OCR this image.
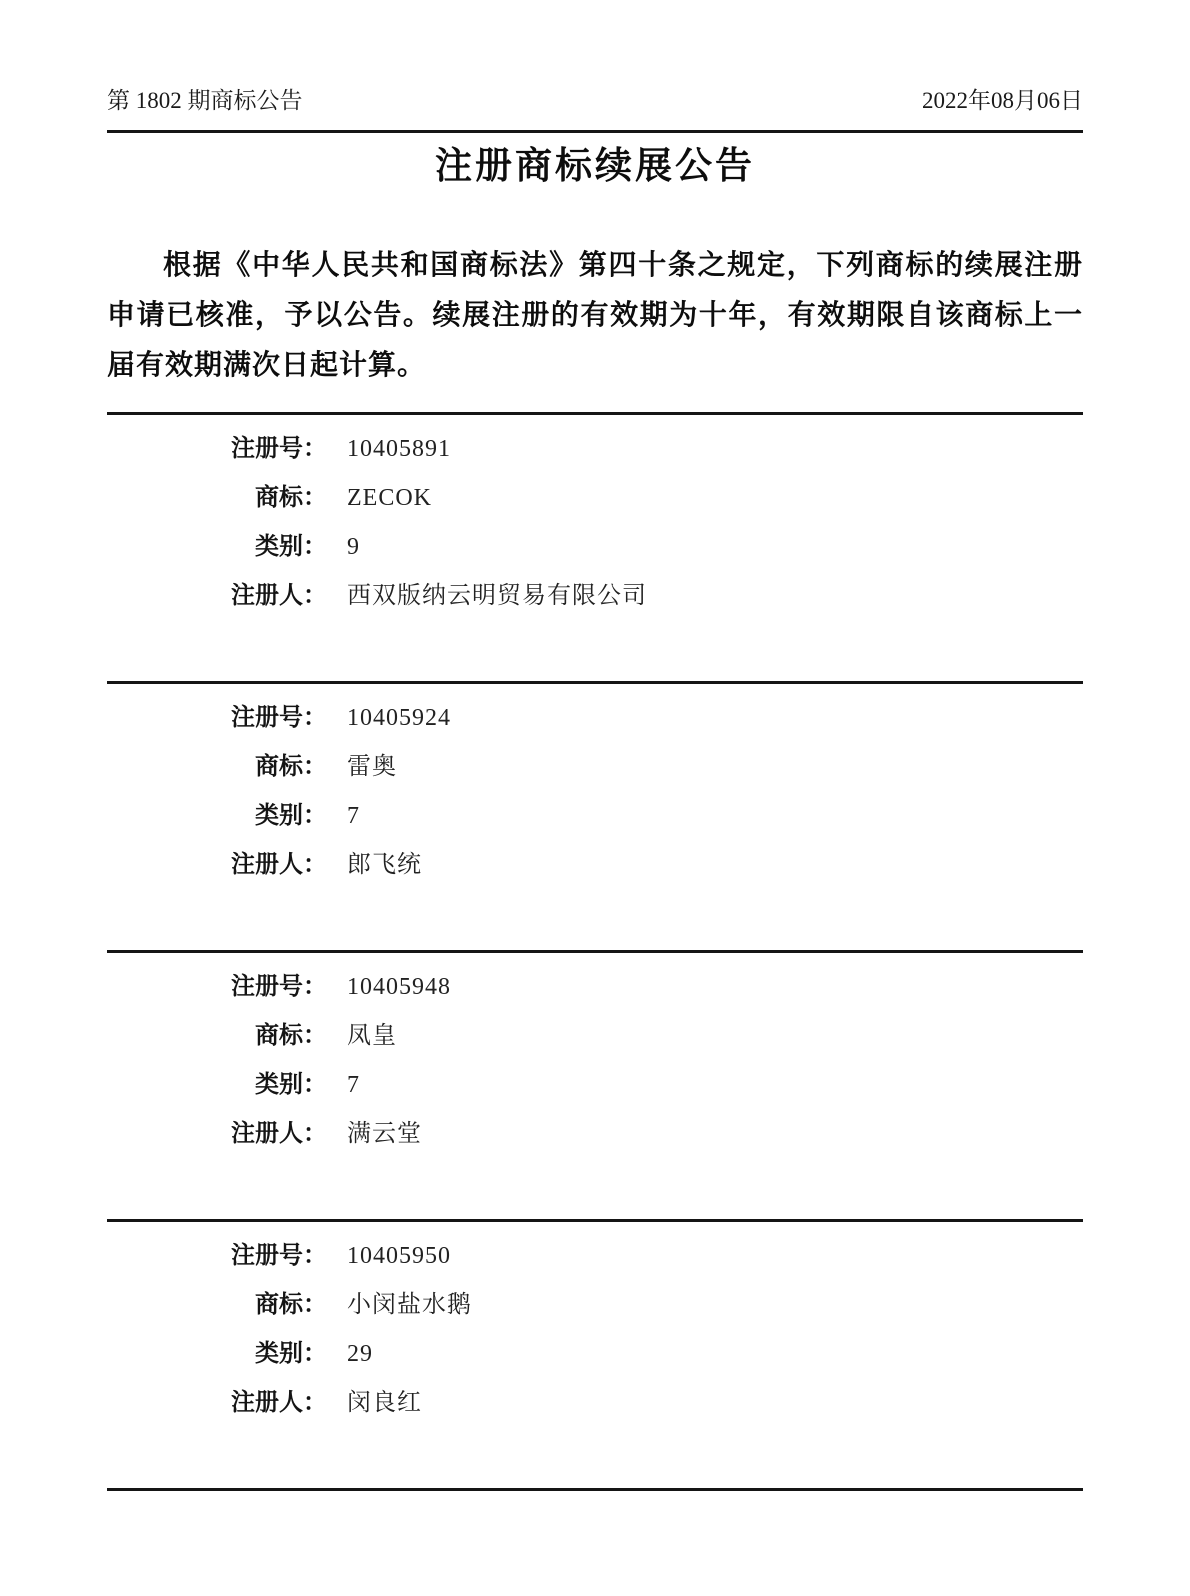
第 1802 期商标公告	2022年08月06日
注册商标续展公告

根据《中华人民共和国商标法》第四十条之规定，下列商标的续展注册申请已核准，予以公告。续展注册的有效期为十年，有效期限自该商标上一届有效期满次日起计算。

注册号： 10405891
商标： ZECOK
类别： 9
注册人： 西双版纳云明贸易有限公司
注册号： 10405924
商标： 雷奥
类别： 7
注册人： 郎飞统
注册号： 10405948
商标： 凤皇
类别： 7
注册人： 满云堂
注册号： 10405950
商标： 小闵盐水鹅
类别： 29
注册人： 闵良红
